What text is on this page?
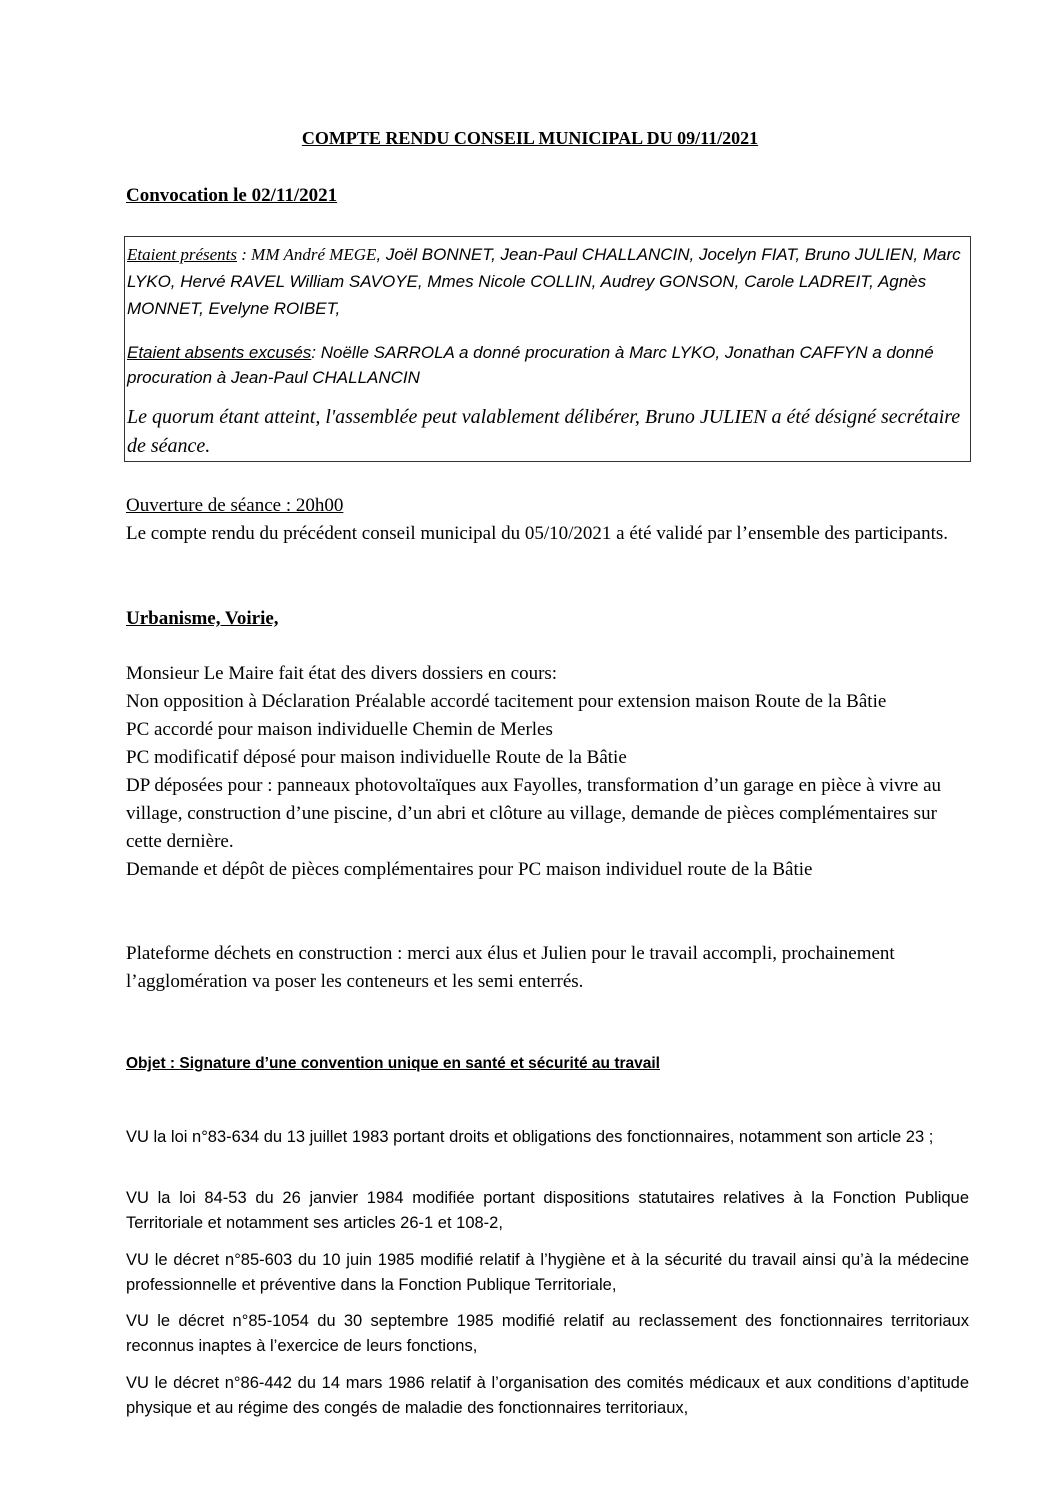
COMPTE RENDU CONSEIL MUNICIPAL DU 09/11/2021
Convocation le 02/11/2021

Etaient présents : MM André MEGE, Joël BONNET, Jean-Paul CHALLANCIN, Jocelyn FIAT, Bruno JULIEN, Marc LYKO, Hervé RAVEL William SAVOYE, Mmes Nicole COLLIN, Audrey GONSON, Carole LADREIT, Agnès MONNET, Evelyne ROIBET,

Etaient absents excusés: Noëlle SARROLA a donné procuration à Marc LYKO, Jonathan CAFFYN a donné procuration à Jean-Paul CHALLANCIN

Le quorum étant atteint, l'assemblée peut valablement délibérer, Bruno JULIEN a été désigné secrétaire de séance.

Ouverture de séance : 20h00

Le compte rendu du précédent conseil municipal du 05/10/2021 a été validé par l’ensemble des participants.

Urbanisme, Voirie,

Monsieur Le Maire fait état des divers dossiers en cours:

Non opposition à Déclaration Préalable accordé tacitement pour extension maison Route de la Bâtie

PC accordé pour maison individuelle Chemin de Merles

PC modificatif déposé pour maison individuelle Route de la Bâtie

DP déposées pour : panneaux photovoltaïques aux Fayolles, transformation d’un garage en pièce à vivre au village, construction d’une piscine, d’un abri et clôture au village, demande de pièces complémentaires sur cette dernière.

Demande et dépôt de pièces complémentaires pour PC maison individuel route de la Bâtie

Plateforme déchets en construction : merci aux élus et Julien pour le travail accompli, prochainement l’agglomération va poser les conteneurs et les semi enterrés.
Objet : Signature d’une convention unique en santé et sécurité au travail

VU la loi n°83-634 du 13 juillet 1983 portant droits et obligations des fonctionnaires, notamment son article 23 ;

VU la loi 84-53 du 26 janvier 1984 modifiée portant dispositions statutaires relatives à la Fonction Publique Territoriale et notamment ses articles 26-1 et 108-2,

VU le décret n°85-603 du 10 juin 1985 modifié relatif à l’hygiène et à la sécurité du travail ainsi qu’à la médecine professionnelle et préventive dans la Fonction Publique Territoriale,

VU le décret n°85-1054 du 30 septembre 1985 modifié relatif au reclassement des fonctionnaires territoriaux reconnus inaptes à l’exercice de leurs fonctions,

VU le décret n°86-442 du 14 mars 1986 relatif à l’organisation des comités médicaux et aux conditions d’aptitude physique et au régime des congés de maladie des fonctionnaires territoriaux,
